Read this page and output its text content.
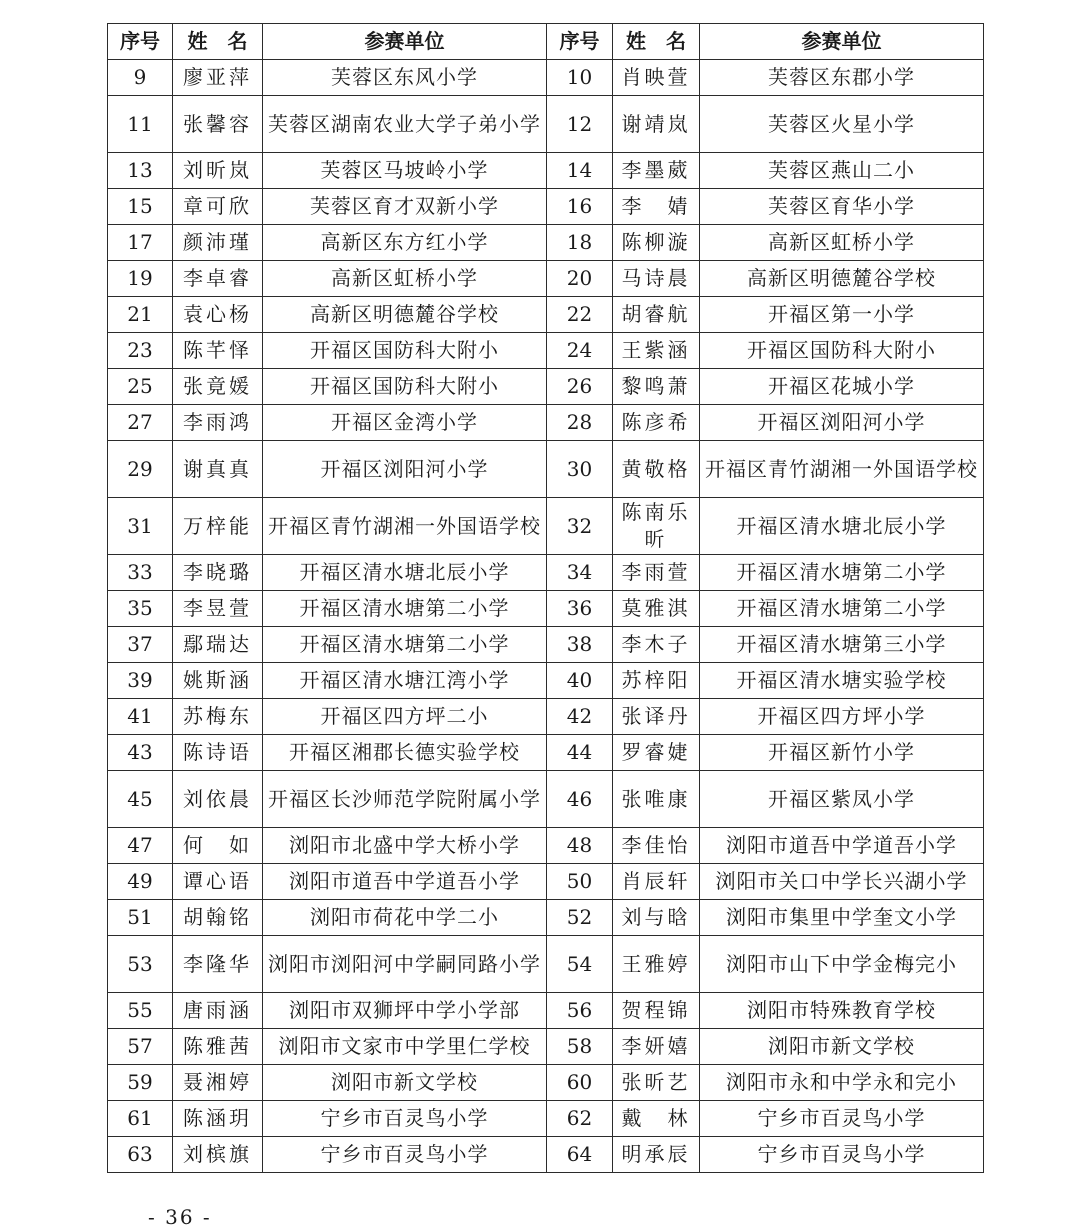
序号	姓　名	参赛单位	序号	姓　名	参赛单位
9	廖亚萍	芙蓉区东风小学	10	肖映萱	芙蓉区东郡小学
11	张馨容	芙蓉区湖南农业大学子弟小学	12	谢靖岚	芙蓉区火星小学
13	刘昕岚	芙蓉区马坡岭小学	14	李墨葳	芙蓉区燕山二小
15	章可欣	芙蓉区育才双新小学	16	李　婧	芙蓉区育华小学
17	颜沛瑾	高新区东方红小学	18	陈柳漩	高新区虹桥小学
19	李卓睿	高新区虹桥小学	20	马诗晨	高新区明德麓谷学校
21	袁心杨	高新区明德麓谷学校	22	胡睿航	开福区第一小学
23	陈芊怿	开福区国防科大附小	24	王紫涵	开福区国防科大附小
25	张竟媛	开福区国防科大附小	26	黎鸣萧	开福区花城小学
27	李雨鸿	开福区金湾小学	28	陈彦希	开福区浏阳河小学
29	谢真真	开福区浏阳河小学	30	黄敬格	开福区青竹湖湘一外国语学校
31	万梓能	开福区青竹湖湘一外国语学校	32	陈南乐昕	开福区清水塘北辰小学
33	李晓璐	开福区清水塘北辰小学	34	李雨萱	开福区清水塘第二小学
35	李昱萱	开福区清水塘第二小学	36	莫雅淇	开福区清水塘第二小学
37	鄢瑞达	开福区清水塘第二小学	38	李木子	开福区清水塘第三小学
39	姚斯涵	开福区清水塘江湾小学	40	苏梓阳	开福区清水塘实验学校
41	苏梅东	开福区四方坪二小	42	张译丹	开福区四方坪小学
43	陈诗语	开福区湘郡长德实验学校	44	罗睿婕	开福区新竹小学
45	刘依晨	开福区长沙师范学院附属小学	46	张唯康	开福区紫凤小学
47	何　如	浏阳市北盛中学大桥小学	48	李佳怡	浏阳市道吾中学道吾小学
49	谭心语	浏阳市道吾中学道吾小学	50	肖辰轩	浏阳市关口中学长兴湖小学
51	胡翰铭	浏阳市荷花中学二小	52	刘与晗	浏阳市集里中学奎文小学
53	李隆华	浏阳市浏阳河中学嗣同路小学	54	王雅婷	浏阳市山下中学金梅完小
55	唐雨涵	浏阳市双狮坪中学小学部	56	贺程锦	浏阳市特殊教育学校
57	陈雅茜	浏阳市文家市中学里仁学校	58	李妍嬉	浏阳市新文学校
59	聂湘婷	浏阳市新文学校	60	张昕艺	浏阳市永和中学永和完小
61	陈涵玥	宁乡市百灵鸟小学	62	戴　林	宁乡市百灵鸟小学
63	刘槟旗	宁乡市百灵鸟小学	64	明承辰	宁乡市百灵鸟小学
- 36 -
